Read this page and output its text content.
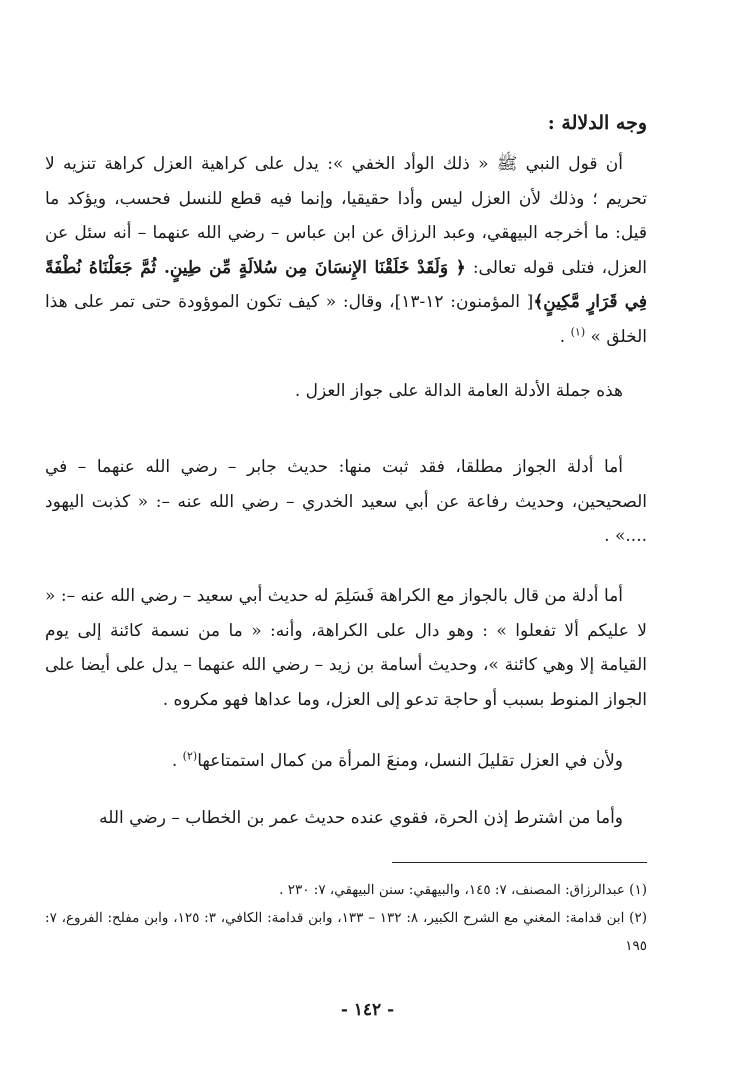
وجه الدلالة :

أن قول النبي ﷺ « ذلك الوأد الخفي »: يدل على كراهية العزل كراهة تنزيه لا تحريم ؛ وذلك لأن العزل ليس وأدا حقيقيا، وإنما فيه قطع للنسل فحسب، ويؤكد ما قيل: ما أخرجه البيهقي، وعبد الرزاق عن ابن عباس – رضي الله عنهما – أنه سئل عن العزل، فتلى قوله تعالى: ﴿ وَلَقَدْ خَلَقْنَا الإِنسَانَ مِن سُلالَةٍ مِّن طِينٍ. ثُمَّ جَعَلْنَاهُ نُطْفَةً فِي قَرَارٍ مَّكِينٍ﴾[ المؤمنون: ١٢-١٣]، وقال: « كيف تكون الموؤودة حتى تمر على هذا الخلق » $^{(١)}$ .

هذه جملة الأدلة العامة الدالة على جواز العزل .

أما أدلة الجواز مطلقا، فقد ثبت منها: حديث جابر – رضي الله عنهما – في الصحيحين، وحديث رفاعة عن أبي سعيد الخدري – رضي الله عنه –: « كذبت اليهود ....» .

أما أدلة من قال بالجواز مع الكراهة فَسَلِمَ له حديث أبي سعيد – رضي الله عنه –: « لا عليكم ألا تفعلوا » : وهو دال على الكراهة، وأنه: « ما من نسمة كائنة إلى يوم القيامة إلا وهي كائنة »، وحديث أسامة بن زيد – رضي الله عنهما – يدل على أيضا على الجواز المنوط بسبب أو حاجة تدعو إلى العزل، وما عداها فهو مكروه .

ولأن في العزل تقليلَ النسل، ومنعَ المرأة من كمال استمتاعها$^{(٢)}$ .

وأما من اشترط إذن الحرة، فقوي عنده حديث عمر بن الخطاب – رضي الله

(١) عبدالرزاق: المصنف، ٧: ١٤٥، والبيهقي: سنن البيهقي، ٧: ٢٣٠ .

(٢) ابن قدامة: المغني مع الشرح الكبير، ٨: ١٣٢ – ١٣٣، وابن قدامة: الكافي، ٣: ١٢٥، وابن مفلح: الفروع، ٧: ١٩٥

- ١٤٢ -
